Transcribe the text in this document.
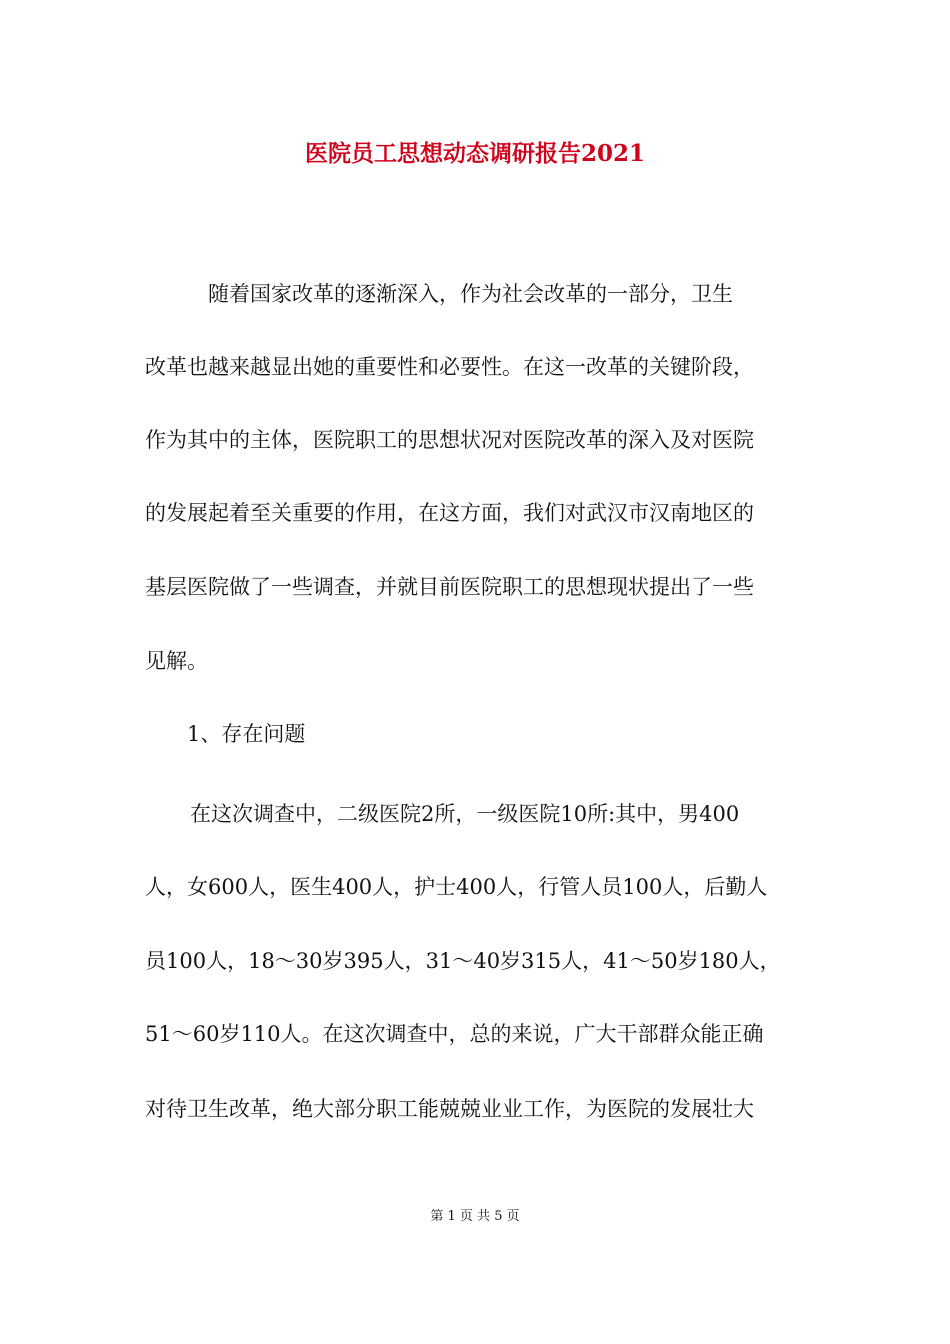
医院员工思想动态调研报告2021

随着国家改革的逐渐深入，作为社会改革的一部分，卫生

改革也越来越显出她的重要性和必要性。在这一改革的关键阶段，

作为其中的主体，医院职工的思想状况对医院改革的深入及对医院

的发展起着至关重要的作用，在这方面，我们对武汉市汉南地区的

基层医院做了一些调查，并就目前医院职工的思想现状提出了一些

见解。

1、存在问题

在这次调查中，二级医院2所，一级医院10所:其中，男400

人，女600人，医生400人，护士400人，行管人员100人，后勤人

员100人，18～30岁395人，31～40岁315人，41～50岁180人，

51～60岁110人。在这次调查中，总的来说，广大干部群众能正确

对待卫生改革，绝大部分职工能兢兢业业工作，为医院的发展壮大

第 1 页 共 5 页
